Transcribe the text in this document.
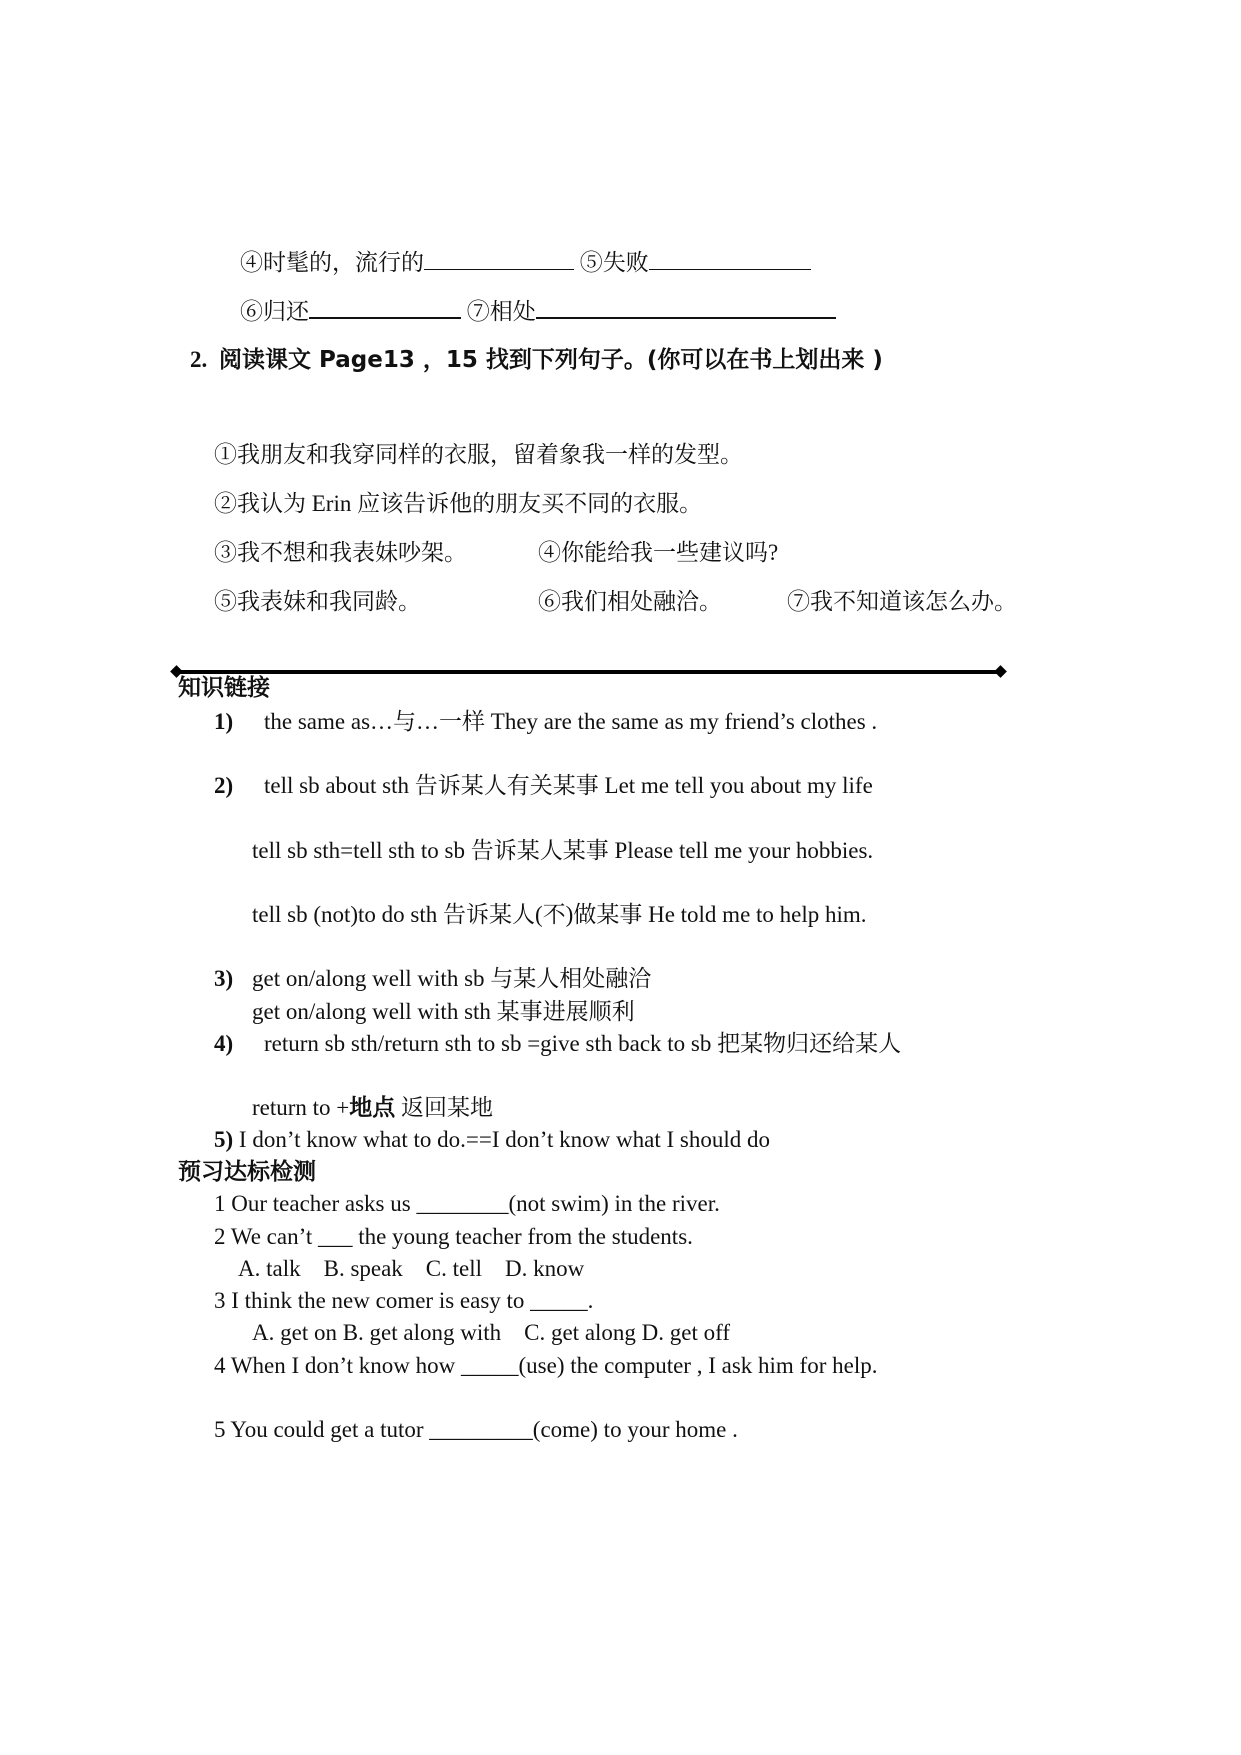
④时髦的，流行的	⑤失败
⑥归还	⑦相处
2. 阅读课文 Page13 ，15 找到下列句子。(你可以在书上划出来 )
①我朋友和我穿同样的衣服，留着象我一样的发型。
②我认为 Erin 应该告诉他的朋友买不同的衣服。
③我不想和我表妹吵架。	④你能给我一些建议吗?
⑤我表妹和我同龄。	⑥我们相处融洽。	⑦我不知道该怎么办。
知识链接
1) the same as…与…一样 They are the same as my friend’s clothes .
2) tell sb about sth 告诉某人有关某事 Let me tell you about my life
tell sb sth=tell sth to sb 告诉某人某事 Please tell me your hobbies.
tell sb (not)to do sth 告诉某人(不)做某事 He told me to help him.
3) get on/along well with sb 与某人相处融洽
get on/along well with sth 某事进展顺利
4) return sb sth/return sth to sb =give sth back to sb 把某物归还给某人
return to +地点 返回某地
5) I don’t know what to do.==I don’t know what I should do
预习达标检测
1 Our teacher asks us ________(not swim) in the river.
2 We can’t ___ the young teacher from the students.
A. talk    B. speak    C. tell    D. know
3 I think the new comer is easy to _____.
A. get on B. get along with    C. get along D. get off
4 When I don’t know how _____(use) the computer , I ask him for help.
5 You could get a tutor _________(come) to your home .
